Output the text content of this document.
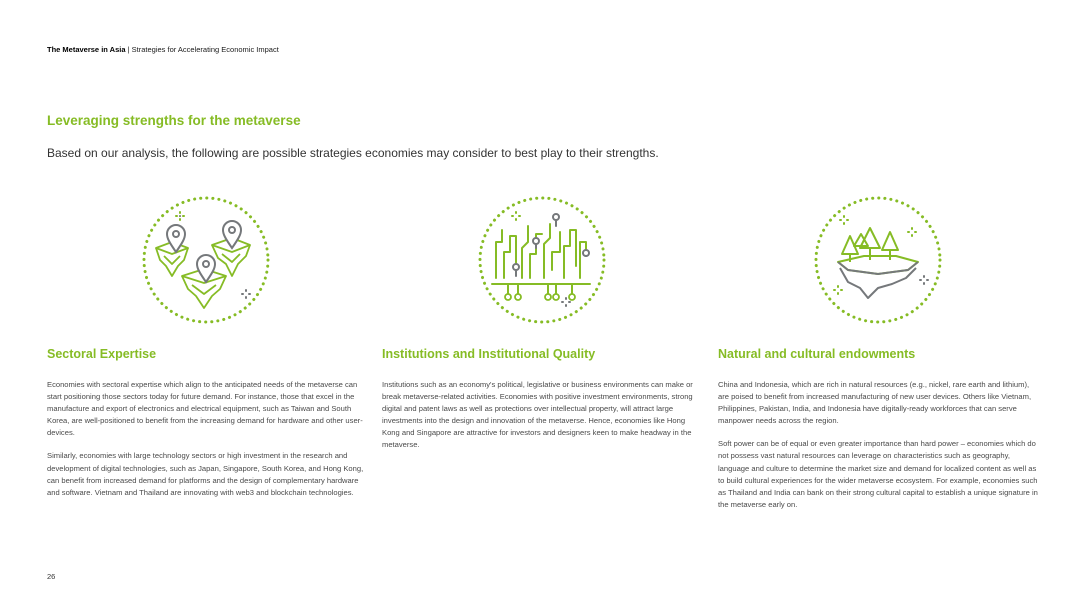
The Metaverse in Asia | Strategies for Accelerating Economic Impact
Leveraging strengths for the metaverse

Based on our analysis, the following are possible strategies economies may consider to best play to their strengths.

Sectoral Expertise

Economies with sectoral expertise which align to the anticipated needs of the metaverse can start positioning those sectors today for future demand. For instance, those that excel in the manufacture and export of electronics and electrical equipment, such as Taiwan and South Korea, are well-positioned to benefit from the increasing demand for hardware and other user-devices.

Similarly, economies with large technology sectors or high investment in the research and development of digital technologies, such as Japan, Singapore, South Korea, and Hong Kong, can benefit from increased demand for platforms and the design of complementary hardware and software. Vietnam and Thailand are innovating with web3 and blockchain technologies.

Institutions and Institutional Quality

Institutions such as an economy's political, legislative or business environments can make or break metaverse-related activities. Economies with positive investment environments, strong digital and patent laws as well as protections over intellectual property, will attract large investments into the design and innovation of the metaverse. Hence, economies like Hong Kong and Singapore are attractive for investors and designers keen to make headway in the metaverse.

Natural and cultural endowments

China and Indonesia, which are rich in natural resources (e.g., nickel, rare earth and lithium), are poised to benefit from increased manufacturing of new user devices. Others like Vietnam, Philippines, Pakistan, India, and Indonesia have digitally-ready workforces that can serve manpower needs across the region.

Soft power can be of equal or even greater importance than hard power – economies which do not possess vast natural resources can leverage on characteristics such as geography, language and culture to determine the market size and demand for localized content as well as to build cultural experiences for the wider metaverse ecosystem. For example, economies such as Thailand and India can bank on their strong cultural capital to establish a unique signature in the metaverse early on.

26
